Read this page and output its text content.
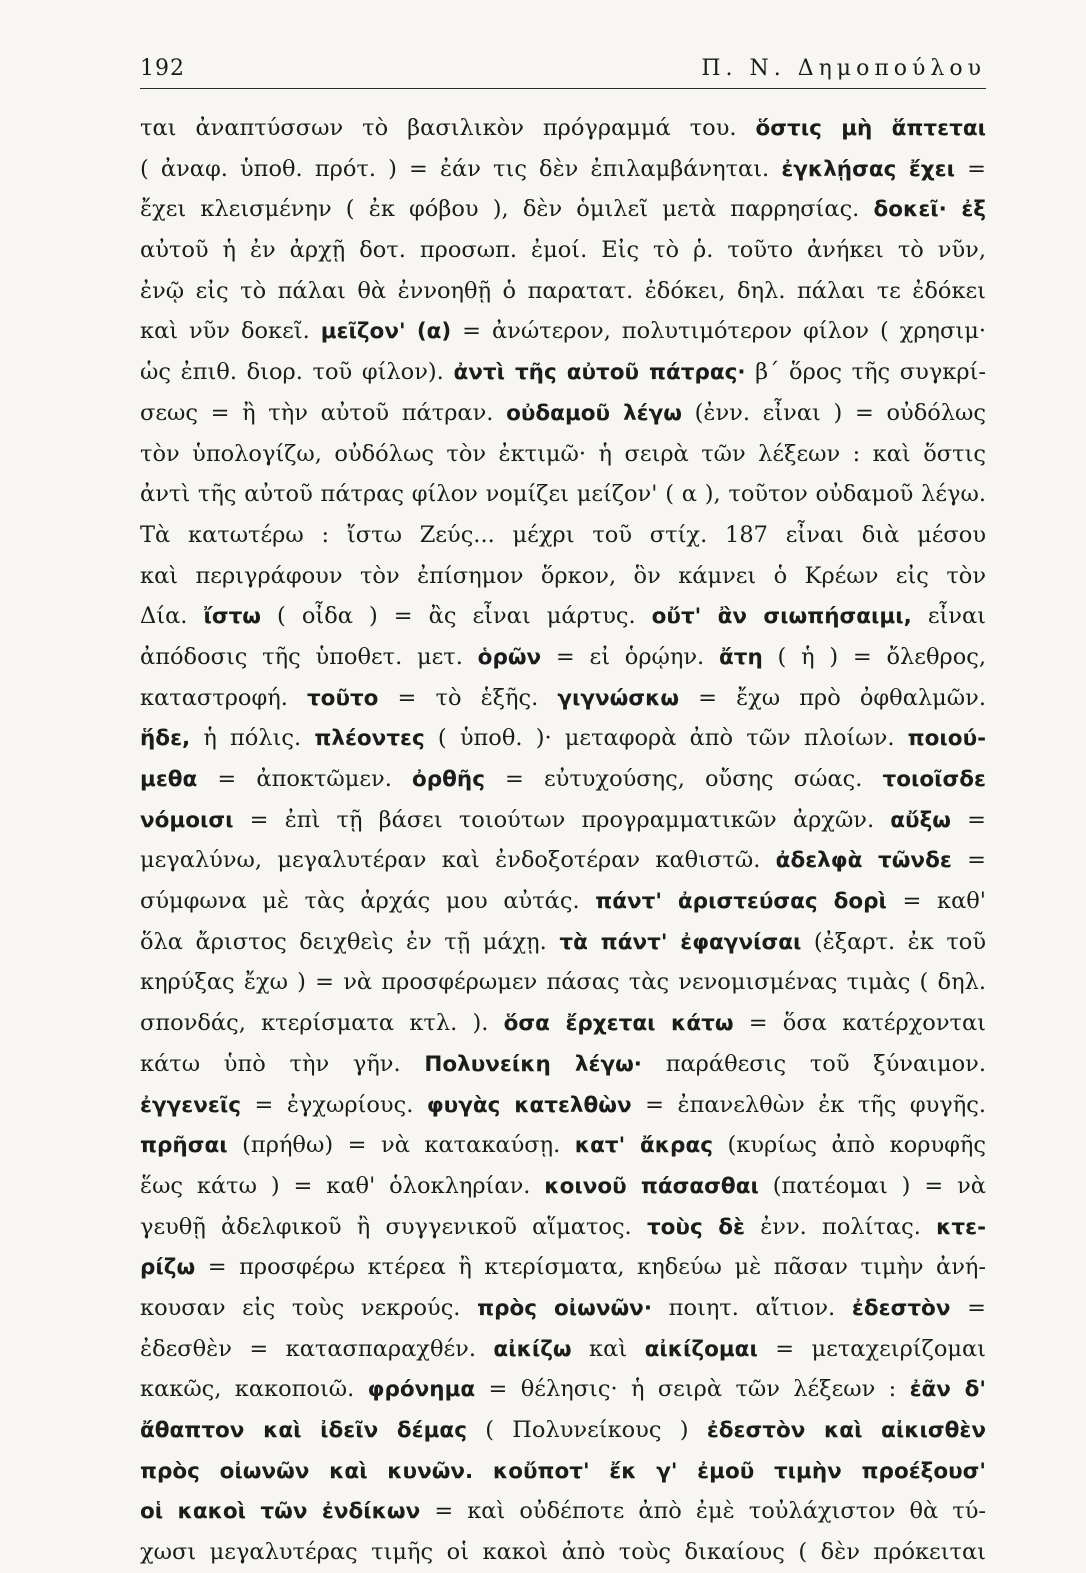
192	Π. Ν. Δημοπούλου
ται ἀναπτύσσων τὸ βασιλικὸν πρόγραμμά του. ὅστις μὴ ἅπτεται
( ἀναφ. ὑποθ. πρότ. ) = ἐάν τις δὲν ἐπιλαμβάνηται. ἐγκλῄσας ἔχει =
ἔχει κλεισμένην ( ἐκ φόβου ), δὲν ὁμιλεῖ μετὰ παρρησίας. δοκεῖ· ἐξ
αὐτοῦ ἡ ἐν ἀρχῇ δοτ. προσωπ. ἐμοί. Εἰς τὸ ῥ. τοῦτο ἀνήκει τὸ νῦν,
ἐνῷ εἰς τὸ πάλαι θὰ ἐννοηθῇ ὁ παρατατ. ἐδόκει, δηλ. πάλαι τε ἐδόκει
καὶ νῦν δοκεῖ. μεῖζον' (α) = ἀνώτερον, πολυτιμότερον φίλον ( χρησιμ·
ὡς ἐπιθ. διορ. τοῦ φίλον). ἀντὶ τῆς αὐτοῦ πάτρας· β΄ ὅρος τῆς συγκρί-
σεως = ἢ τὴν αὐτοῦ πάτραν. οὐδαμοῦ λέγω (ἐνν. εἶναι ) = οὐδόλως
τὸν ὑπολογίζω, οὐδόλως τὸν ἐκτιμῶ· ἡ σειρὰ τῶν λέξεων : καὶ ὅστις
ἀντὶ τῆς αὐτοῦ πάτρας φίλον νομίζει μείζον' ( α ), τοῦτον οὐδαμοῦ λέγω.
Τὰ κατωτέρω : ἴστω Ζεύς... μέχρι τοῦ στίχ. 187 εἶναι διὰ μέσου
καὶ περιγράφουν τὸν ἐπίσημον ὅρκον, ὃν κάμνει ὁ Κρέων εἰς τὸν
Δία. ἴστω ( οἶδα ) = ἂς εἶναι μάρτυς. οὔτ' ἂν σιωπήσαιμι, εἶναι
ἀπόδοσις τῆς ὑποθετ. μετ. ὁρῶν = εἰ ὁρῴην. ἄτη ( ἡ ) = ὄλεθρος,
καταστροφή. τοῦτο = τὸ ἑξῆς. γιγνώσκω = ἔχω πρὸ ὀφθαλμῶν.
ἥδε, ἡ πόλις. πλέοντες ( ὑποθ. )· μεταφορὰ ἀπὸ τῶν πλοίων. ποιού-
μεθα = ἀποκτῶμεν. ὀρθῆς = εὐτυχούσης, οὔσης σώας. τοιοῖσδε
νόμοισι = ἐπὶ τῇ βάσει τοιούτων προγραμματικῶν ἀρχῶν. αὔξω =
μεγαλύνω, μεγαλυτέραν καὶ ἐνδοξοτέραν καθιστῶ. ἀδελφὰ τῶνδε =
σύμφωνα μὲ τὰς ἀρχάς μου αὐτάς. πάντ' ἀριστεύσας δορὶ = καθ'
ὅλα ἄριστος δειχθεὶς ἐν τῇ μάχῃ. τὰ πάντ' ἐφαγνίσαι (ἐξαρτ. ἐκ τοῦ
κηρύξας ἔχω ) = νὰ προσφέρωμεν πάσας τὰς νενομισμένας τιμὰς ( δηλ.
σπονδάς, κτερίσματα κτλ. ). ὅσα ἔρχεται κάτω = ὅσα κατέρχονται
κάτω ὑπὸ τὴν γῆν. Πολυνείκη λέγω· παράθεσις τοῦ ξύναιμον.
ἐγγενεῖς = ἐγχωρίους. φυγὰς κατελθὼν = ἐπανελθὼν ἐκ τῆς φυγῆς.
πρῆσαι (πρήθω) = νὰ κατακαύσῃ. κατ' ἄκρας (κυρίως ἀπὸ κορυφῆς
ἕως κάτω ) = καθ' ὁλοκληρίαν. κοινοῦ πάσασθαι (πατέομαι ) = νὰ
γευθῇ ἀδελφικοῦ ἢ συγγενικοῦ αἵματος. τοὺς δὲ ἐνν. πολίτας. κτε-
ρίζω = προσφέρω κτέρεα ἢ κτερίσματα, κηδεύω μὲ πᾶσαν τιμὴν ἀνή-
κουσαν εἰς τοὺς νεκρούς. πρὸς οἰωνῶν· ποιητ. αἴτιον. ἐδεστὸν =
ἐδεσθὲν = κατασπαραχθέν. αἰκίζω καὶ αἰκίζομαι = μεταχειρίζομαι
κακῶς, κακοποιῶ. φρόνημα = θέλησις· ἡ σειρὰ τῶν λέξεων : ἐᾶν δ'
ἄθαπτον καὶ ἰδεῖν δέμας ( Πολυνείκους ) ἐδεστὸν καὶ αἰκισθὲν
πρὸς οἰωνῶν καὶ κυνῶν. κοὔποτ' ἔκ γ' ἐμοῦ τιμὴν προέξουσ'
οἱ κακοὶ τῶν ἐνδίκων = καὶ οὐδέποτε ἀπὸ ἐμὲ τοὐλάχιστον θὰ τύ-
χωσι μεγαλυτέρας τιμῆς οἱ κακοὶ ἀπὸ τοὺς δικαίους ( δὲν πρόκειται
